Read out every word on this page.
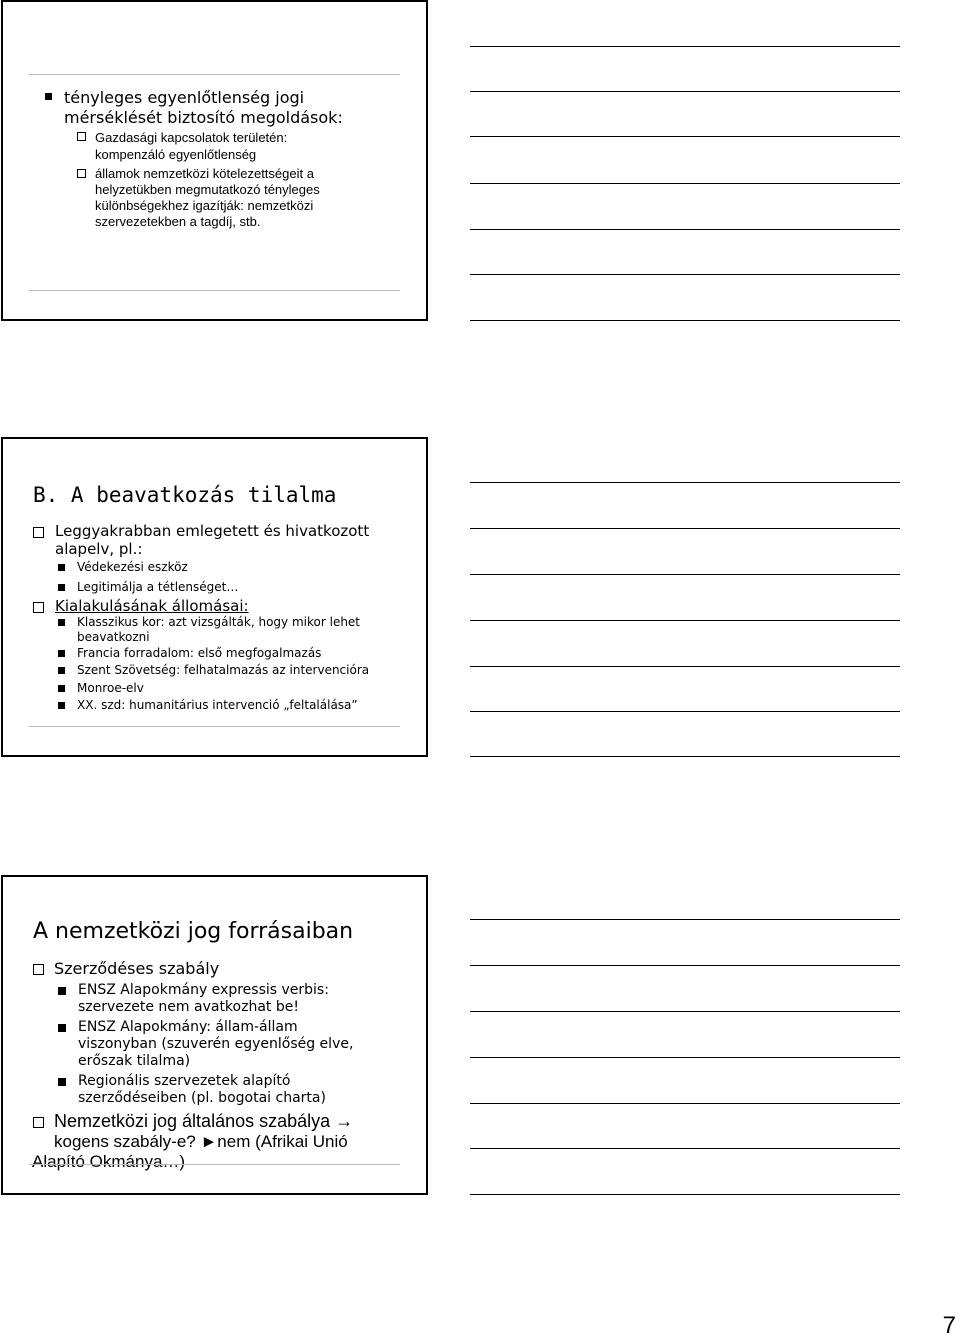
tényleges egyenlőtlenség jogi
mérséklését biztosító megoldások:
Gazdasági kapcsolatok területén:
kompenzáló egyenlőtlenség
államok nemzetközi kötelezettségeit a
helyzetükben megmutatkozó tényleges
különbségekhez igazítják: nemzetközi
szervezetekben a tagdíj, stb.
B. A beavatkozás tilalma
Leggyakrabban emlegetett és hivatkozott
alapelv, pl.:
Védekezési eszköz
Legitimálja a tétlenséget…
Kialakulásának állomásai:
Klasszikus kor: azt vizsgálták, hogy mikor lehet
beavatkozni
Francia forradalom: első megfogalmazás
Szent Szövetség: felhatalmazás az intervencióra
Monroe-elv
XX. szd: humanitárius intervenció „feltalálása”
A nemzetközi jog forrásaiban
Szerződéses szabály
ENSZ Alapokmány expressis verbis:
szervezete nem avatkozhat be!
ENSZ Alapokmány: állam-állam
viszonyban (szuverén egyenlőség elve,
erőszak tilalma)
Regionális szervezetek alapító
szerződéseiben (pl. bogotai charta)
Nemzetközi jog általános szabálya →
kogens szabály-e? ►nem (Afrikai Unió
Alapító Okmánya…)
7
